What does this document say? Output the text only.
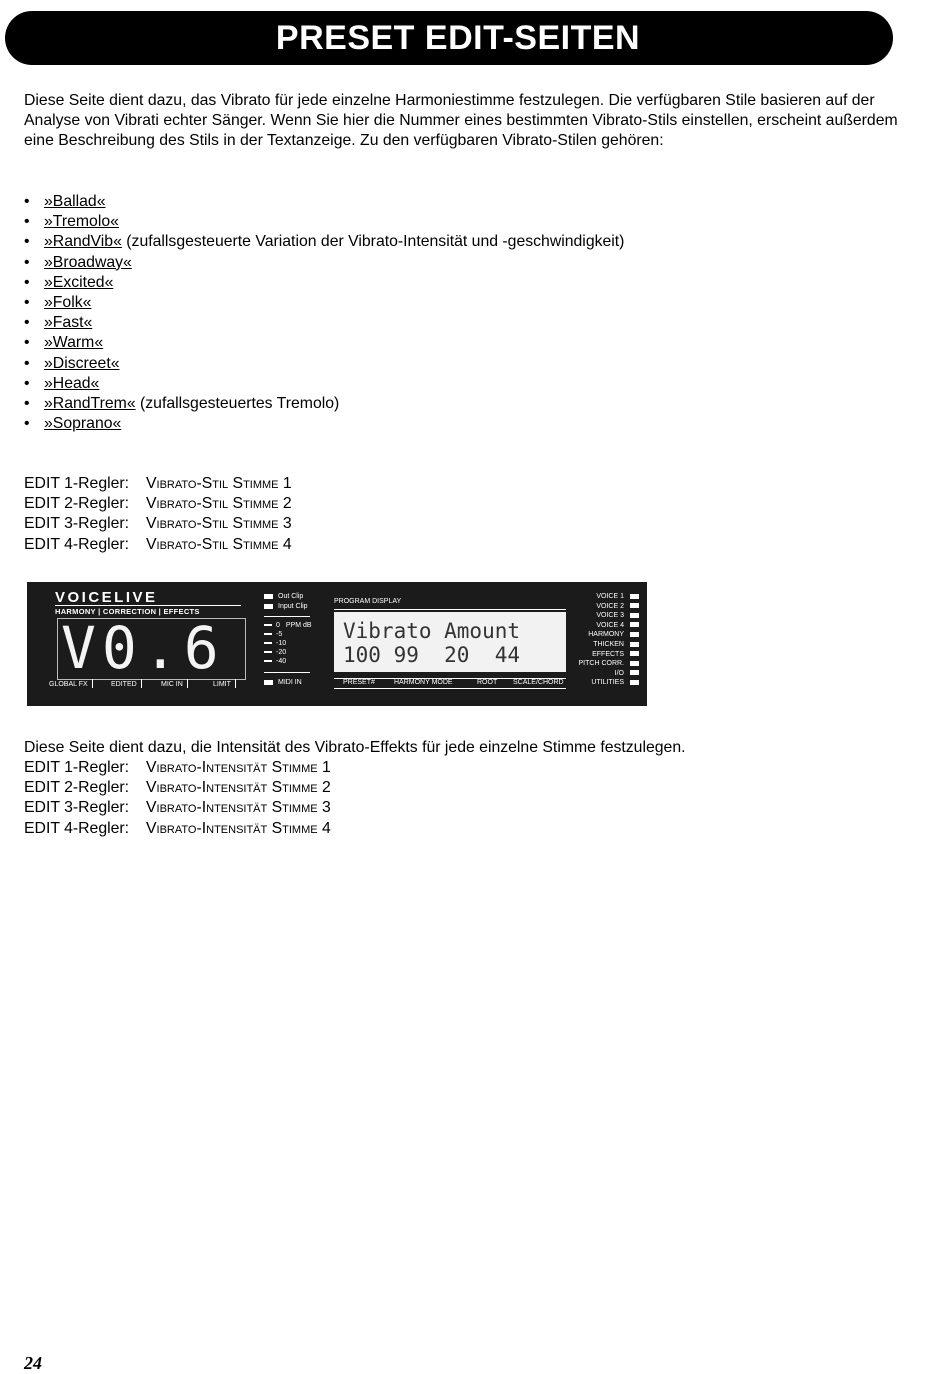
PRESET EDIT-SEITEN
Diese Seite dient dazu, das Vibrato für jede einzelne Harmoniestimme festzulegen. Die verfügbaren Stile basieren auf der Analyse von Vibrati echter Sänger. Wenn Sie hier die Nummer eines bestimmten Vibrato-Stils einstellen, erscheint außerdem eine Beschreibung des Stils in der Textanzeige. Zu den verfügbaren Vibrato-Stilen gehören:
• »Ballad«
• »Tremolo«
• »RandVib« (zufallsgesteuerte Variation der Vibrato-Intensität und -geschwindigkeit)
• »Broadway«
• »Excited«
• »Folk«
• »Fast«
• »Warm«
• »Discreet«
• »Head«
• »RandTrem« (zufallsgesteuertes Tremolo)
• »Soprano«
EDIT 1-Regler: Vibrato-Stil Stimme 1
EDIT 2-Regler: Vibrato-Stil Stimme 2
EDIT 3-Regler: Vibrato-Stil Stimme 3
EDIT 4-Regler: Vibrato-Stil Stimme 4
VOICELIVE
HARMONY | CORRECTION | EFFECTS
V0.6
GLOBAL FX	EDITED	MIC IN	LIMIT
Out Clip
Input Clip
0 PPM dB
-5
-10
-20
-40
MIDI IN
PROGRAM DISPLAY
Vibrato Amount
100 99  20  44
PRESET#	HARMONY MODE	ROOT SCALE/CHORD
VOICE 1
VOICE 2
VOICE 3
VOICE 4
HARMONY
THICKEN
EFFECTS
PITCH CORR.
I/O
UTILITIES
Diese Seite dient dazu, die Intensität des Vibrato-Effekts für jede einzelne Stimme festzulegen.
EDIT 1-Regler: Vibrato-Intensität Stimme 1
EDIT 2-Regler: Vibrato-Intensität Stimme 2
EDIT 3-Regler: Vibrato-Intensität Stimme 3
EDIT 4-Regler: Vibrato-Intensität Stimme 4
24
